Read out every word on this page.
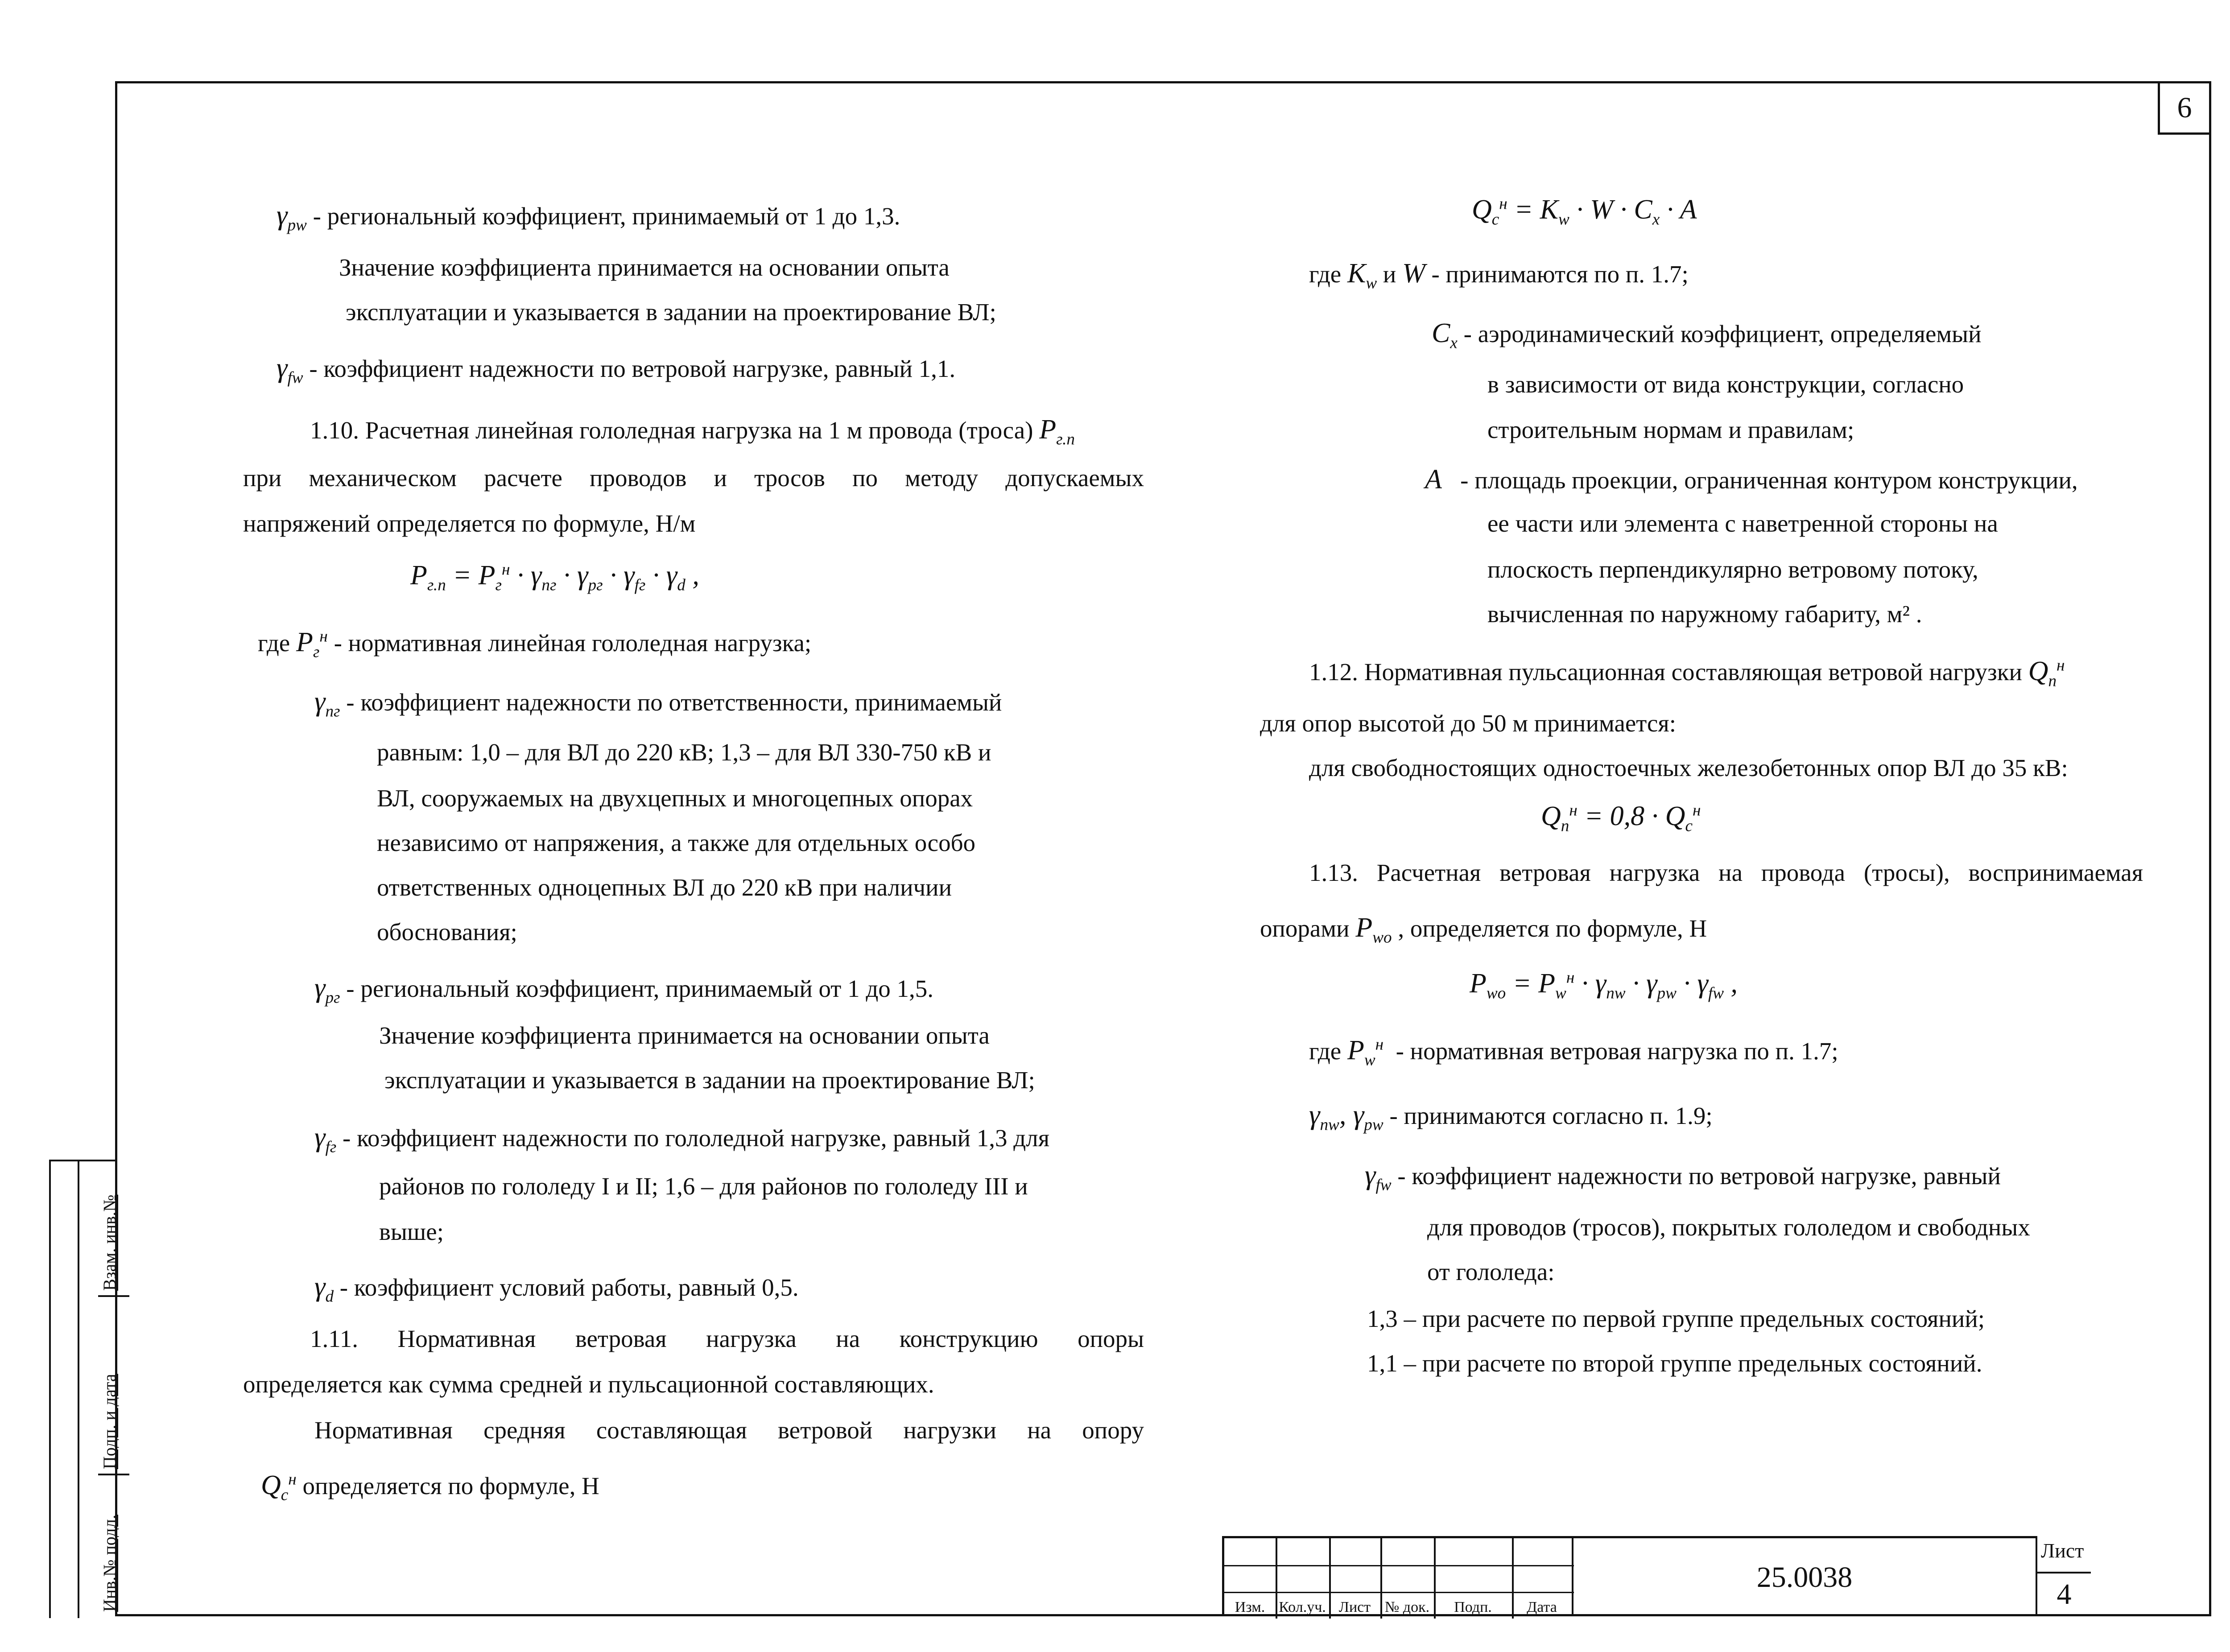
6
$\gamma_{рw}$ - региональный коэффициент, принимаемый от 1 до 1,3.
Значение коэффициента принимается на основании опыта
эксплуатации и указывается в задании на проектирование ВЛ;
$\gamma_{fw}$ - коэффициент надежности по ветровой нагрузке, равный 1,1.
1.10. Расчетная линейная гололедная нагрузка на 1 м провода (троса) $P_{г.п}$
при механическом расчете проводов и тросов по методу допускаемых
напряжений определяется по формуле, Н/м
$P_{г.п} = P_г^н \cdot \gamma_{пг} \cdot \gamma_{рг} \cdot \gamma_{fг} \cdot \gamma_d$ ,
где $P_г^н$ - нормативная линейная гололедная нагрузка;
$\gamma_{пг}$ - коэффициент надежности по ответственности, принимаемый
равным: 1,0 – для ВЛ до 220 кВ; 1,3 – для ВЛ 330-750 кВ и
ВЛ, сооружаемых на двухцепных и многоцепных опорах
независимо от напряжения, а также для отдельных особо
ответственных одноцепных ВЛ до 220 кВ при наличии
обоснования;
$\gamma_{рг}$ - региональный коэффициент, принимаемый от 1 до 1,5.
Значение коэффициента принимается на основании опыта
эксплуатации и указывается в задании на проектирование ВЛ;
$\gamma_{fг}$ - коэффициент надежности по гололедной нагрузке, равный 1,3 для
районов по гололеду I и II; 1,6 – для районов по гололеду III и
выше;
$\gamma_d$ - коэффициент условий работы, равный 0,5.
1.11. Нормативная ветровая нагрузка на конструкцию опоры
определяется как сумма средней и пульсационной составляющих.
Нормативная средняя составляющая ветровой нагрузки на опору
$Q_с^н$ определяется по формуле, Н
$Q_с^н = K_w \cdot W \cdot C_x \cdot A$
где $K_w$ и W - принимаются по п. 1.7;
$C_x$ - аэродинамический коэффициент, определяемый
в зависимости от вида конструкции, согласно
строительным нормам и правилам;
A - площадь проекции, ограниченная контуром конструкции,
ее части или элемента с наветренной стороны на
плоскость перпендикулярно ветровому потоку,
вычисленная по наружному габариту, м² .
1.12. Нормативная пульсационная составляющая ветровой нагрузки $Q_п^н$
для опор высотой до 50 м принимается:
для свободностоящих одностоечных железобетонных опор ВЛ до 35 кВ:
$Q_п^н = 0,8 \cdot Q_с^н$
1.13. Расчетная ветровая нагрузка на провода (тросы), воспринимаемая
опорами $P_{wo}$ , определяется по формуле, Н
$P_{wo} = P_w^н \cdot \gamma_{nw} \cdot \gamma_{pw} \cdot \gamma_{fw}$ ,
где $P_w^н$ - нормативная ветровая нагрузка по п. 1.7;
$\gamma_{nw}$, $\gamma_{pw}$ - принимаются согласно п. 1.9;
$\gamma_{fw}$ - коэффициент надежности по ветровой нагрузке, равный
для проводов (тросов), покрытых гололедом и свободных
от гололеда:
1,3 – при расчете по первой группе предельных состояний;
1,1 – при расчете по второй группе предельных состояний.
Инв.№ подл.
Подп. и дата
Взам. инв.№
Изм. Кол.уч. Лист № док.	Подп.	Дата
25.0038
Лист
4
